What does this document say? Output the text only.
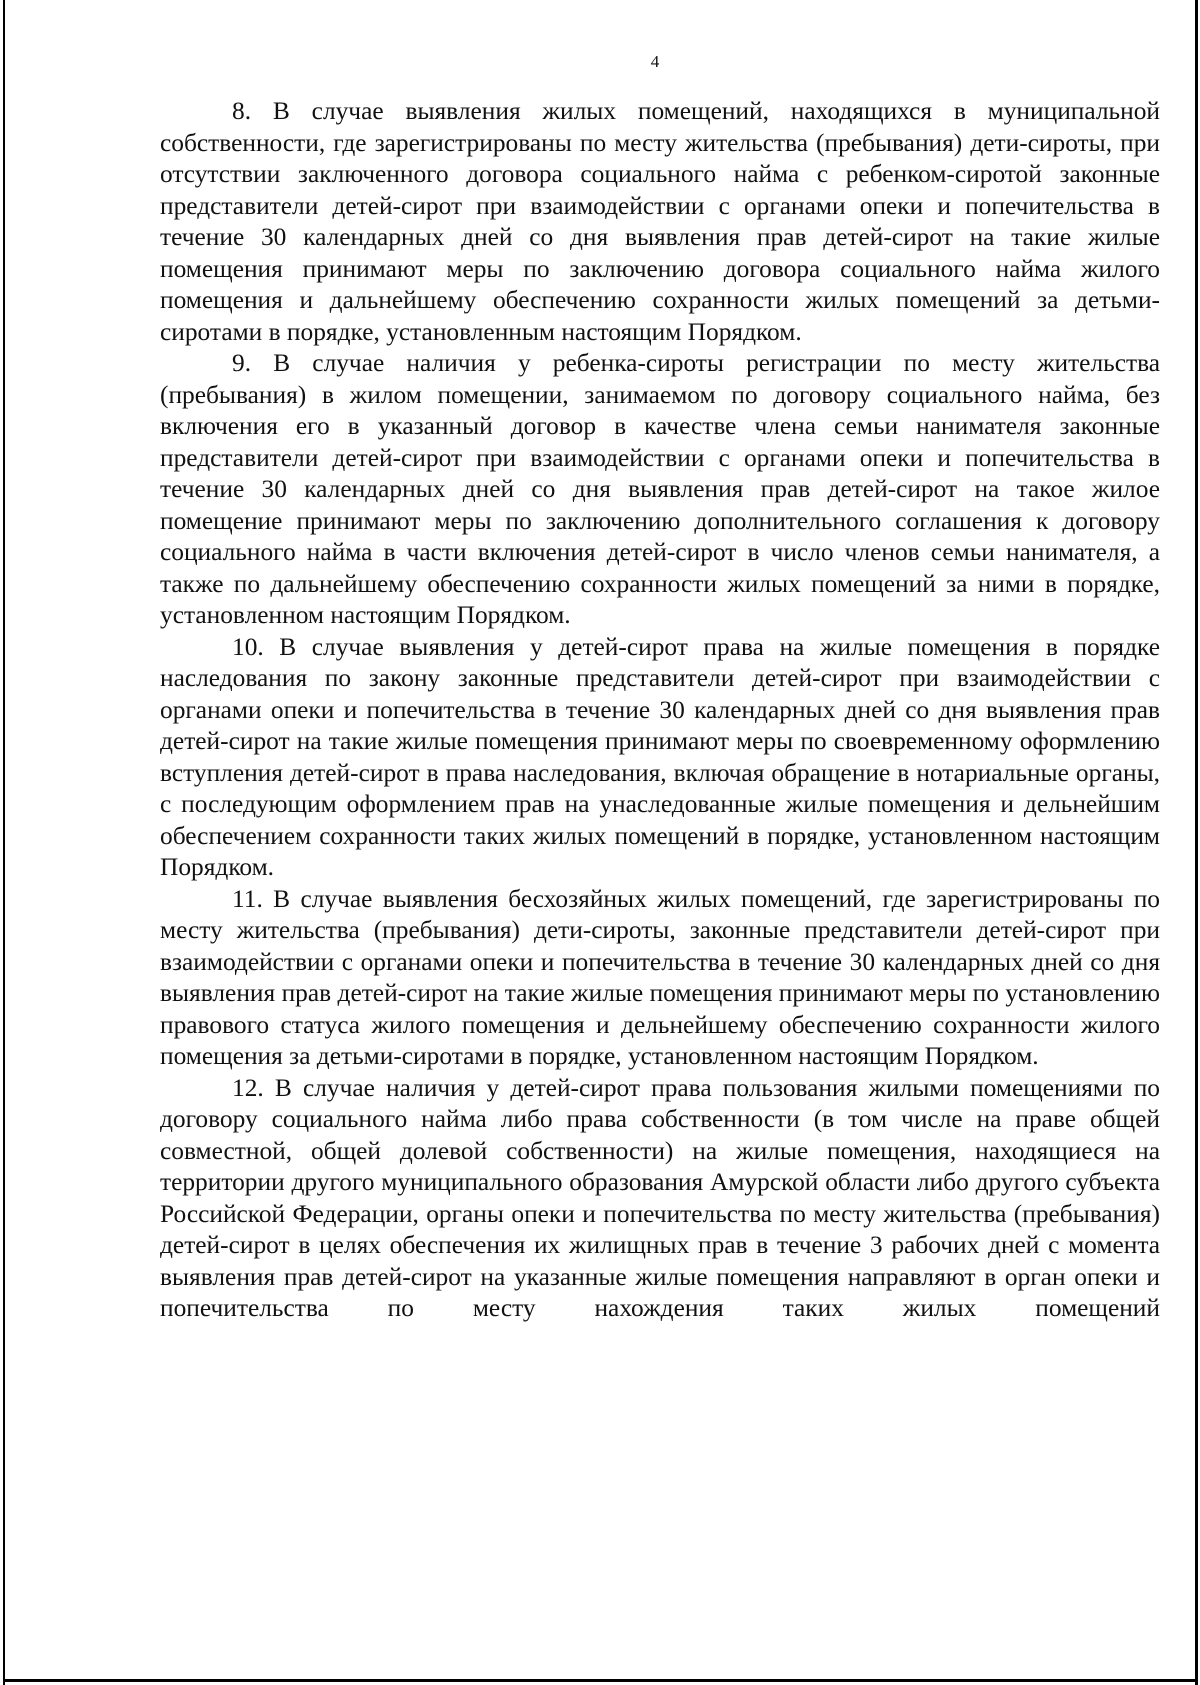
4

8. В случае выявления жилых помещений, находящихся в муниципальной собственности, где зарегистрированы по месту жительства (пребывания) дети-сироты, при отсутствии заключенного договора социального найма с ребенком-сиротой законные представители детей-сирот при взаимодействии с органами опеки и попечительства в течение 30 календарных дней со дня выявления прав детей-сирот на такие жилые помещения принимают меры по заключению договора социального найма жилого помещения и дальнейшему обеспечению сохранности жилых помещений за детьми-сиротами в порядке, установленным настоящим Порядком.

9. В случае наличия у ребенка-сироты регистрации по месту жительства (пребывания) в жилом помещении, занимаемом по договору социального найма, без включения его в указанный договор в качестве члена семьи нанимателя законные представители детей-сирот при взаимодействии с органами опеки и попечительства в течение 30 календарных дней со дня выявления прав детей-сирот на такое жилое помещение принимают меры по заключению дополнительного соглашения к договору социального найма в части включения детей-сирот в число членов семьи нанимателя, а также по дальнейшему обеспечению сохранности жилых помещений за ними в порядке, установленном настоящим Порядком.

10. В случае выявления у детей-сирот права на жилые помещения в порядке наследования по закону законные представители детей-сирот при взаимодействии с органами опеки и попечительства в течение 30 календарных дней со дня выявления прав детей-сирот на такие жилые помещения принимают меры по своевременному оформлению вступления детей-сирот в права наследования, включая обращение в нотариальные органы, с последующим оформлением прав на унаследованные жилые помещения и дельнейшим обеспечением сохранности таких жилых помещений в порядке, установленном настоящим Порядком.

11. В случае выявления бесхозяйных жилых помещений, где зарегистрированы по месту жительства (пребывания) дети-сироты, законные представители детей-сирот при взаимодействии с органами опеки и попечительства в течение 30 календарных дней со дня выявления прав детей-сирот на такие жилые помещения принимают меры по установлению правового статуса жилого помещения и дельнейшему обеспечению сохранности жилого помещения за детьми-сиротами в порядке, установленном настоящим Порядком.

12. В случае наличия у детей-сирот права пользования жилыми помещениями по договору социального найма либо права собственности (в том числе на праве общей совместной, общей долевой собственности) на жилые помещения, находящиеся на территории другого муниципального образования Амурской области либо другого субъекта Российской Федерации, органы опеки и попечительства по месту жительства (пребывания) детей-сирот в целях обеспечения их жилищных прав в течение 3 рабочих дней с момента выявления прав детей-сирот на указанные жилые помещения направляют в орган опеки и попечительства по месту нахождения таких жилых помещений
